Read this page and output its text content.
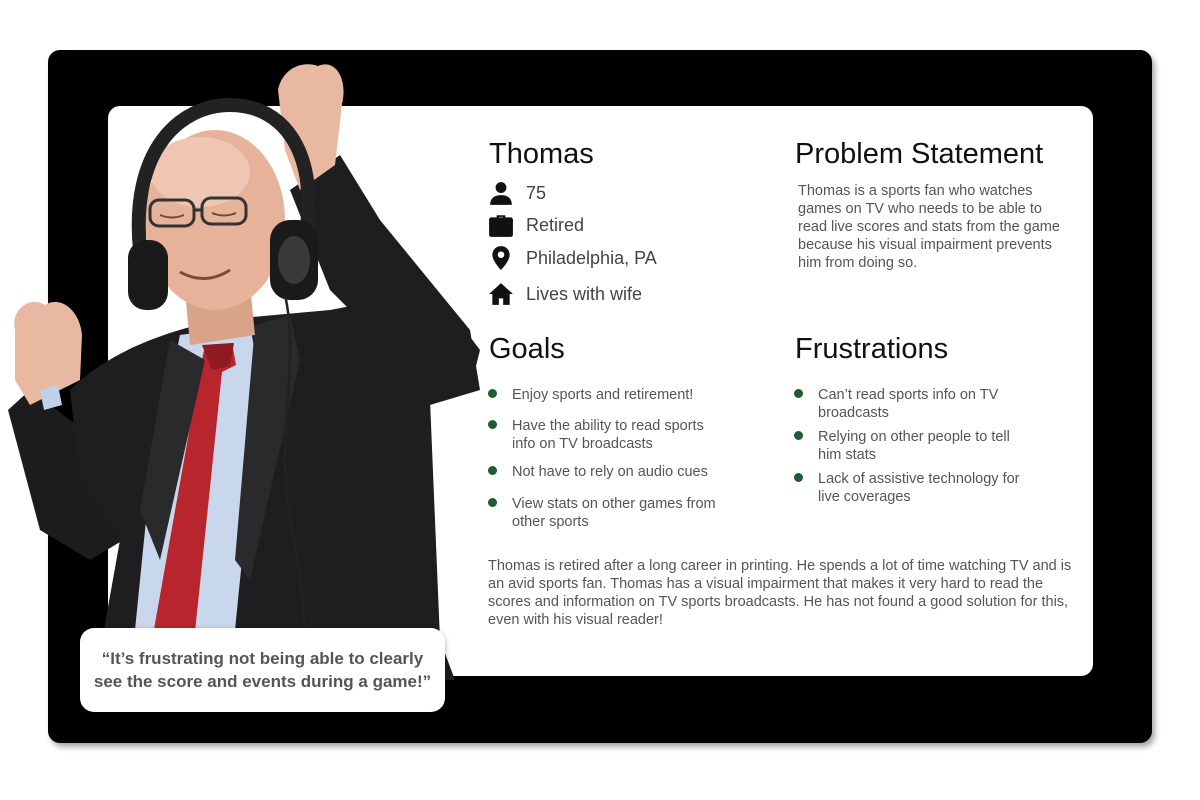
“It’s frustrating not being able to clearly see the score and events during a game!”
Thomas
75
Retired
Philadelphia, PA
Lives with wife
Problem Statement
Thomas is a sports fan who watches games on TV who needs to be able to read live scores and stats from the game because his visual impairment prevents him from doing so.
Goals
Enjoy sports and retirement!
Have the ability to read sports info on TV broadcasts
Not have to rely on audio cues
View stats on other games from other sports
Frustrations
Can’t read sports info on TV broadcasts
Relying on other people to tell him stats
Lack of assistive technology for live coverages
Thomas is retired after a long career in printing. He spends a lot of time watching TV and is an avid sports fan. Thomas has a visual impairment that makes it very hard to read the scores and information on TV sports broadcasts. He has not found a good solution for this, even with his visual reader!
